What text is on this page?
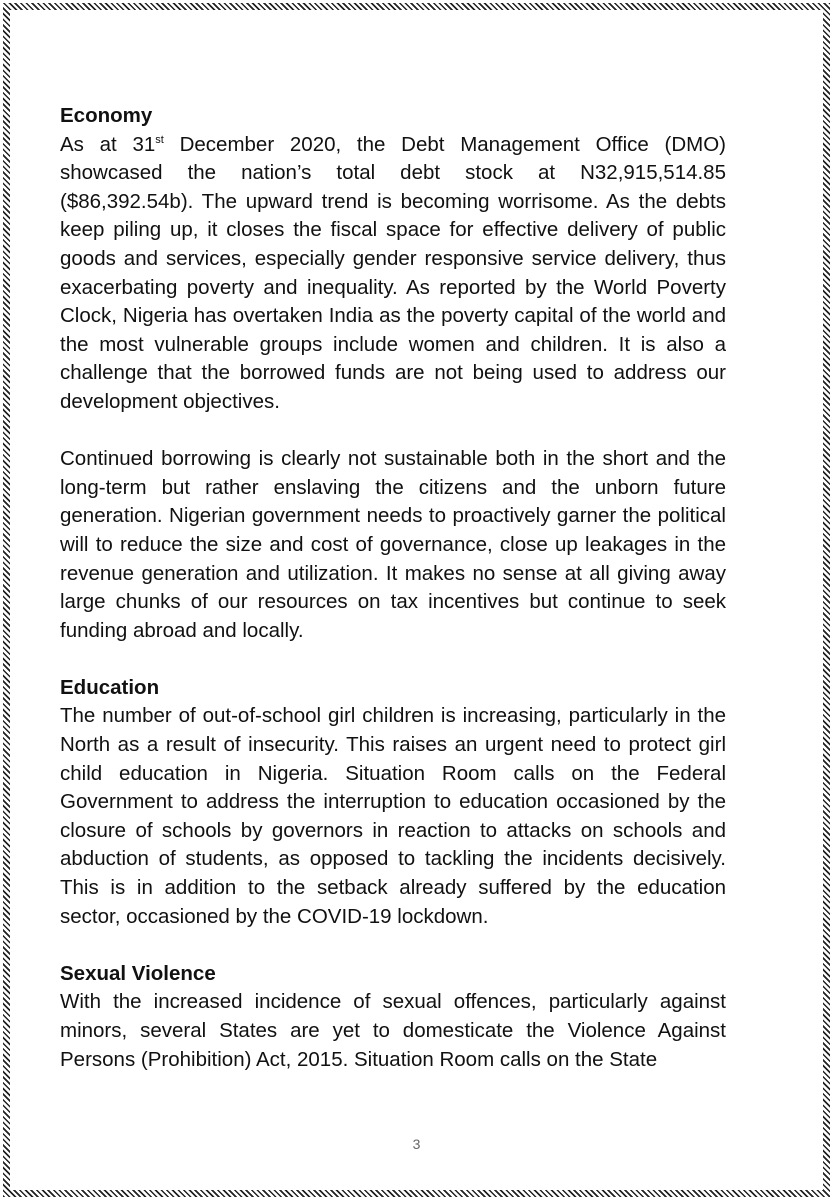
Economy

As at 31st December 2020, the Debt Management Office (DMO) showcased the nation’s total debt stock at N32,915,514.85 ($86,392.54b). The upward trend is becoming worrisome. As the debts keep piling up, it closes the fiscal space for effective delivery of public goods and services, especially gender responsive service delivery, thus exacerbating poverty and inequality. As reported by the World Poverty Clock, Nigeria has overtaken India as the poverty capital of the world and the most vulnerable groups include women and children. It is also a challenge that the borrowed funds are not being used to address our development objectives.

Continued borrowing is clearly not sustainable both in the short and the long-term but rather enslaving the citizens and the unborn future generation. Nigerian government needs to proactively garner the political will to reduce the size and cost of governance, close up leakages in the revenue generation and utilization. It makes no sense at all giving away large chunks of our resources on tax incentives but continue to seek funding abroad and locally.

Education

The number of out-of-school girl children is increasing, particularly in the North as a result of insecurity. This raises an urgent need to protect girl child education in Nigeria. Situation Room calls on the Federal Government to address the interruption to education occasioned by the closure of schools by governors in reaction to attacks on schools and abduction of students, as opposed to tackling the incidents decisively. This is in addition to the setback already suffered by the education sector, occasioned by the COVID-19 lockdown.

Sexual Violence

With the increased incidence of sexual offences, particularly against minors, several States are yet to domesticate the Violence Against Persons (Prohibition) Act, 2015. Situation Room calls on the State

3
